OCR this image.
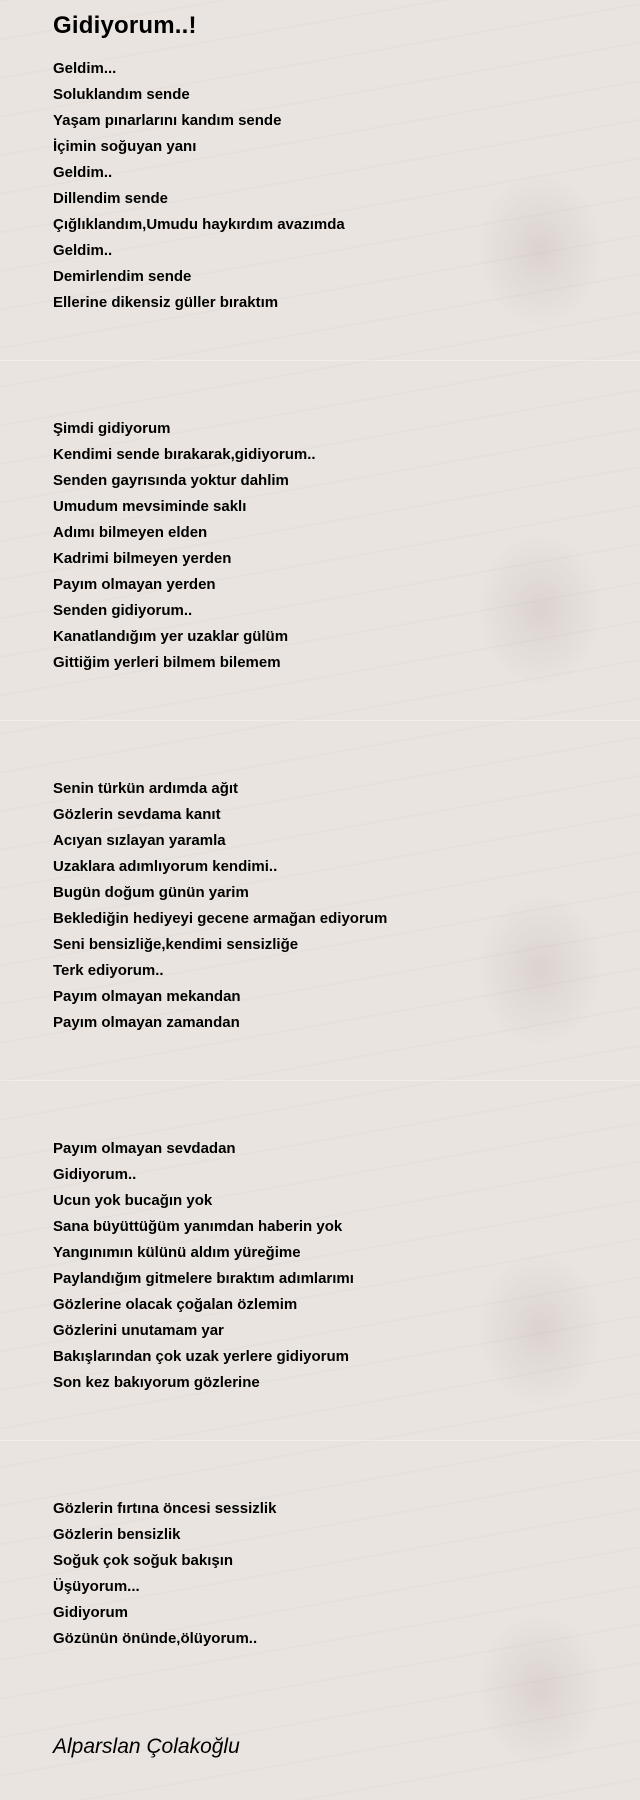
Gidiyorum..!
Geldim...
Soluklandım sende
Yaşam pınarlarını kandım sende
İçimin soğuyan yanı
Geldim..
Dillendim sende
Çığlıklandım,Umudu haykırdım avazımda
Geldim..
Demirlendim sende
Ellerine dikensiz güller bıraktım
Şimdi gidiyorum
Kendimi sende bırakarak,gidiyorum..
Senden gayrısında yoktur dahlim
Umudum mevsiminde saklı
Adımı bilmeyen elden
Kadrimi bilmeyen yerden
Payım olmayan yerden
Senden gidiyorum..
Kanatlandığım yer uzaklar gülüm
Gittiğim yerleri bilmem bilemem
Senin türkün ardımda ağıt
Gözlerin sevdama kanıt
Acıyan sızlayan yaramla
Uzaklara adımlıyorum kendimi..
Bugün doğum günün yarim
Beklediğin hediyeyi gecene armağan ediyorum
Seni bensizliğe,kendimi sensizliğe
Terk ediyorum..
Payım olmayan mekandan
Payım olmayan zamandan
Payım olmayan sevdadan
Gidiyorum..
Ucun yok bucağın yok
Sana büyüttüğüm yanımdan haberin yok
Yangınımın külünü aldım yüreğime
Paylandığım gitmelere bıraktım adımlarımı
Gözlerine olacak çoğalan özlemim
Gözlerini unutamam yar
Bakışlarından çok uzak yerlere gidiyorum
Son kez bakıyorum gözlerine
Gözlerin fırtına öncesi sessizlik
Gözlerin bensizlik
Soğuk çok soğuk bakışın
Üşüyorum...
Gidiyorum
Gözünün önünde,ölüyorum..
Alparslan Çolakoğlu
